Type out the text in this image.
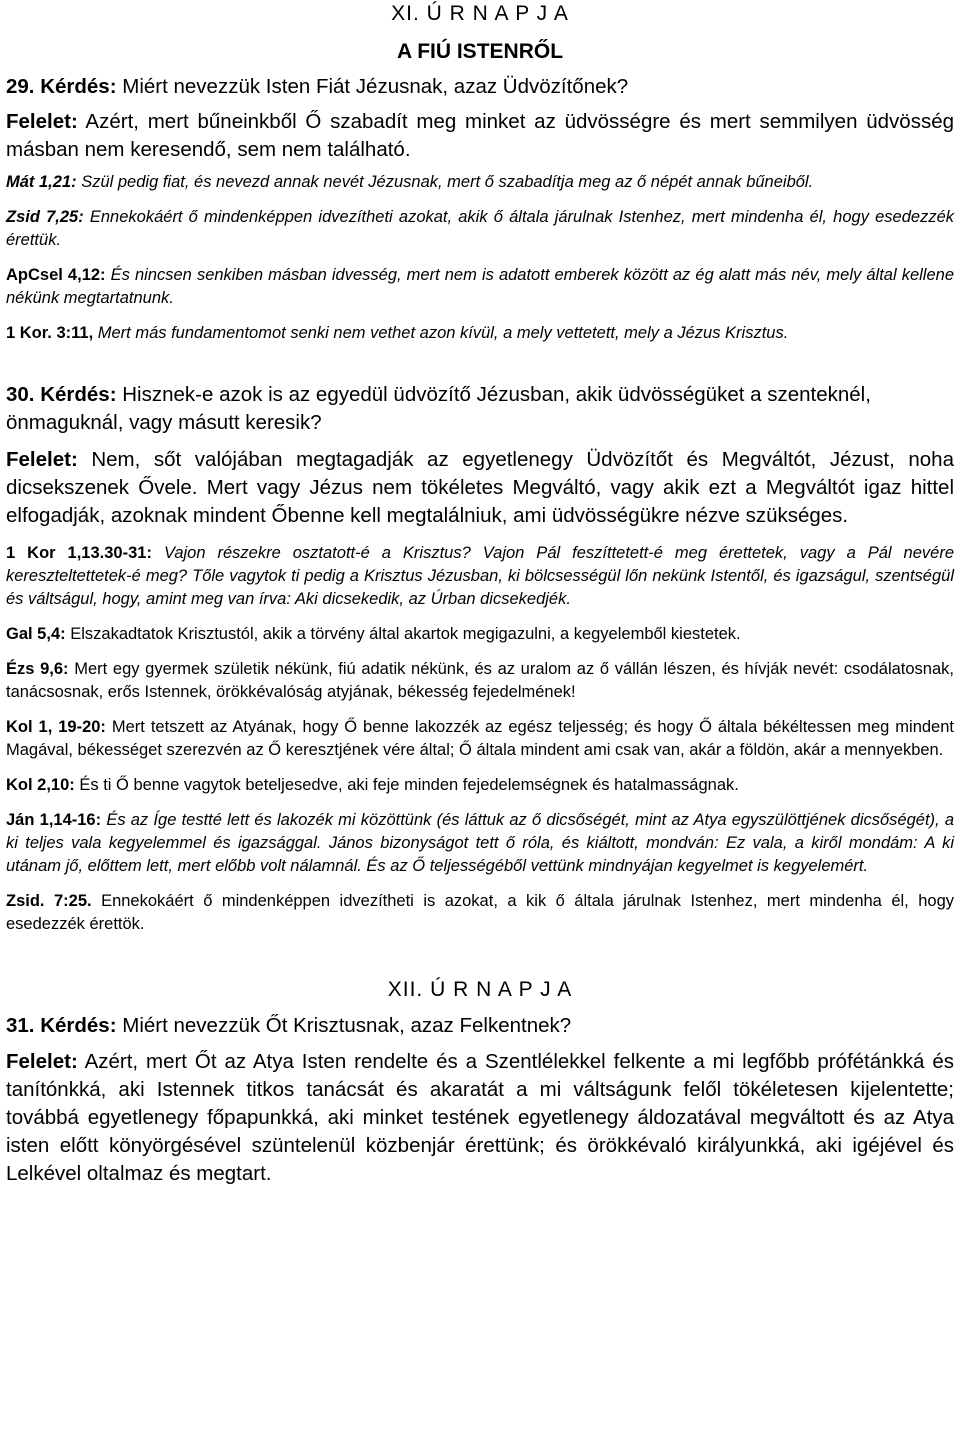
XI. Ú R N A P J A

A FIÚ ISTENRŐL

29. Kérdés: Miért nevezzük Isten Fiát Jézusnak, azaz Üdvözítőnek?

Felelet: Azért, mert bűneinkből Ő szabadít meg minket az üdvösségre és mert semmilyen üdvösség másban nem keresendő, sem nem található.

Mát 1,21: Szül pedig fiat, és nevezd annak nevét Jézusnak, mert ő szabadítja meg az ő népét annak bűneiből.

Zsid 7,25: Ennekokáért ő mindenképpen idvezítheti azokat, akik ő általa járulnak Istenhez, mert mindenha él, hogy esedezzék érettük.

ApCsel 4,12: És nincsen senkiben másban idvesség, mert nem is adatott emberek között az ég alatt más név, mely által kellene nékünk megtartatnunk.

1 Kor. 3:11, Mert más fundamentomot senki nem vethet azon kívül, a mely vettetett, mely a Jézus Krisztus.

30. Kérdés: Hisznek-e azok is az egyedül üdvözítő Jézusban, akik üdvösségüket a szenteknél, önmaguknál, vagy másutt keresik?

Felelet: Nem, sőt valójában megtagadják az egyetlenegy Üdvözítőt és Megváltót, Jézust, noha dicsekszenek Ővele. Mert vagy Jézus nem tökéletes Megváltó, vagy akik ezt a Megváltót igaz hittel elfogadják, azoknak mindent Őbenne kell megtalálniuk, ami üdvösségükre nézve szükséges.

1 Kor 1,13.30-31: Vajon részekre osztatott-é a Krisztus? Vajon Pál feszíttetett-é meg érettetek, vagy a Pál nevére kereszteltettetek-é meg? Tőle vagytok ti pedig a Krisztus Jézusban, ki bölcsességül lőn nekünk Istentől, és igazságul, szentségül és váltságul, hogy, amint meg van írva: Aki dicsekedik, az Úrban dicsekedjék.

Gal 5,4: Elszakadtatok Krisztustól, akik a törvény által akartok megigazulni, a kegyelemből kiestetek.

Ézs 9,6: Mert egy gyermek születik nékünk, fiú adatik nékünk, és az uralom az ő vállán lészen, és hívják nevét: csodálatosnak, tanácsosnak, erős Istennek, örökkévalóság atyjának, békesség fejedelmének!

Kol 1, 19-20: Mert tetszett az Atyának, hogy Ő benne lakozzék az egész teljesség; és hogy Ő általa békéltessen meg mindent Magával, békességet szerezvén az Ő keresztjének vére által; Ő általa mindent ami csak van, akár a földön, akár a mennyekben.

Kol 2,10: És ti Ő benne vagytok beteljesedve, aki feje minden fejedelemségnek és hatalmasságnak.

Ján 1,14-16: És az Íge testté lett és lakozék mi közöttünk (és láttuk az ő dicsőségét, mint az Atya egyszülöttjének dicsőségét), a ki teljes vala kegyelemmel és igazsággal. János bizonyságot tett ő róla, és kiáltott, mondván: Ez vala, a kiről mondám: A ki utánam jő, előttem lett, mert előbb volt nálamnál. És az Ő teljességéből vettünk mindnyájan kegyelmet is kegyelemért.

Zsid. 7:25. Ennekokáért ő mindenképpen idvezítheti is azokat, a kik ő általa járulnak Istenhez, mert mindenha él, hogy esedezzék érettök.

XII. Ú R N A P J A

31. Kérdés: Miért nevezzük Őt Krisztusnak, azaz Felkentnek?

Felelet: Azért, mert Őt az Atya Isten rendelte és a Szentlélekkel felkente a mi legfőbb prófétánkká és tanítónkká, aki Istennek titkos tanácsát és akaratát a mi váltságunk felől tökéletesen kijelentette; továbbá egyetlenegy főpapunkká, aki minket testének egyetlenegy áldozatával megváltott és az Atya isten előtt könyörgésével szüntelenül közbenjár érettünk; és örökkévaló királyunkká, aki igéjével és Lelkével oltalmaz és megtart.
